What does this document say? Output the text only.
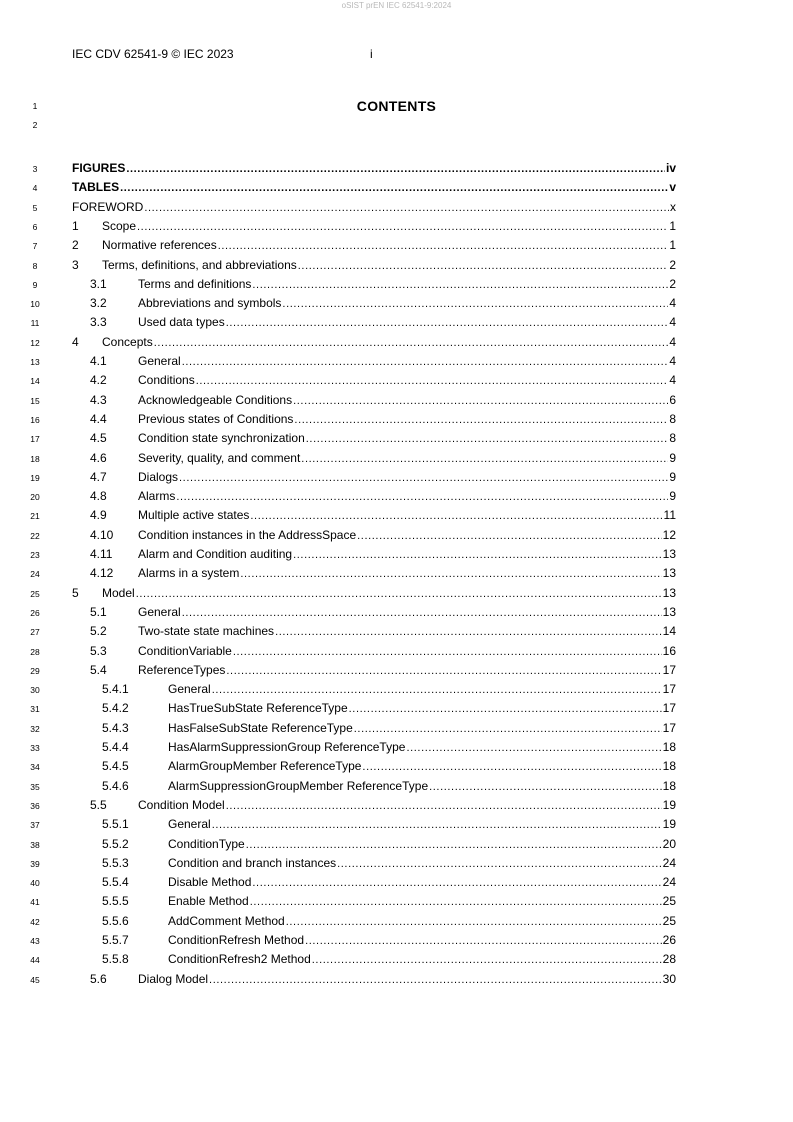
oSIST prEN IEC 62541-9:2024
IEC CDV 62541-9 © IEC 2023	i
1
2
CONTENTS
3	FIGURES .....	iv
4	TABLES .....	v
5	FOREWORD .....	x
6	1	Scope .....	1
7	2	Normative references .....	1
8	3	Terms, definitions, and abbreviations .....	2
9	3.1	Terms and definitions .....	2
10	3.2	Abbreviations and symbols .....	4
11	3.3	Used data types .....	4
12	4	Concepts .....	4
13	4.1	General .....	4
14	4.2	Conditions .....	4
15	4.3	Acknowledgeable Conditions .....	6
16	4.4	Previous states of Conditions .....	8
17	4.5	Condition state synchronization .....	8
18	4.6	Severity, quality, and comment .....	9
19	4.7	Dialogs .....	9
20	4.8	Alarms .....	9
21	4.9	Multiple active states .....	11
22	4.10	Condition instances in the AddressSpace .....	12
23	4.11	Alarm and Condition auditing .....	13
24	4.12	Alarms in a system .....	13
25	5	Model .....	13
26	5.1	General .....	13
27	5.2	Two-state state machines .....	14
28	5.3	ConditionVariable .....	16
29	5.4	ReferenceTypes .....	17
30	5.4.1	General .....	17
31	5.4.2	HasTrueSubState ReferenceType .....	17
32	5.4.3	HasFalseSubState ReferenceType .....	17
33	5.4.4	HasAlarmSuppressionGroup ReferenceType .....	18
34	5.4.5	AlarmGroupMember ReferenceType .....	18
35	5.4.6	AlarmSuppressionGroupMember ReferenceType .....	18
36	5.5	Condition Model .....	19
37	5.5.1	General .....	19
38	5.5.2	ConditionType .....	20
39	5.5.3	Condition and branch instances .....	24
40	5.5.4	Disable Method .....	24
41	5.5.5	Enable Method .....	25
42	5.5.6	AddComment Method .....	25
43	5.5.7	ConditionRefresh Method .....	26
44	5.5.8	ConditionRefresh2 Method .....	28
45	5.6	Dialog Model .....	30
